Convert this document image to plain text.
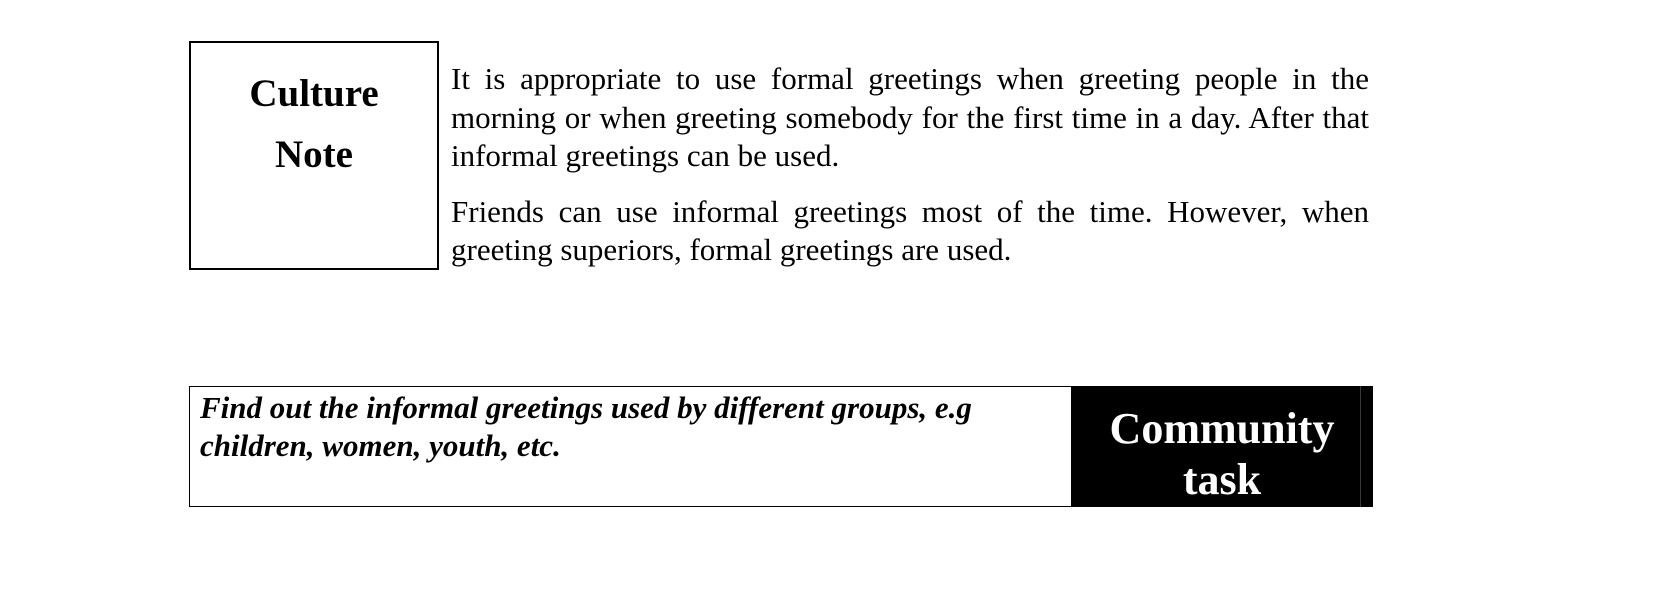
Culture
Note

It is appropriate to use formal greetings when greeting people in the morning or when greeting somebody for the first time in a day. After that informal greetings can be used.

Friends can use informal greetings most of the time. However, when greeting superiors, formal greetings are used.

Find out the informal greetings used by different groups, e.g children, women, youth, etc.	Community
task
